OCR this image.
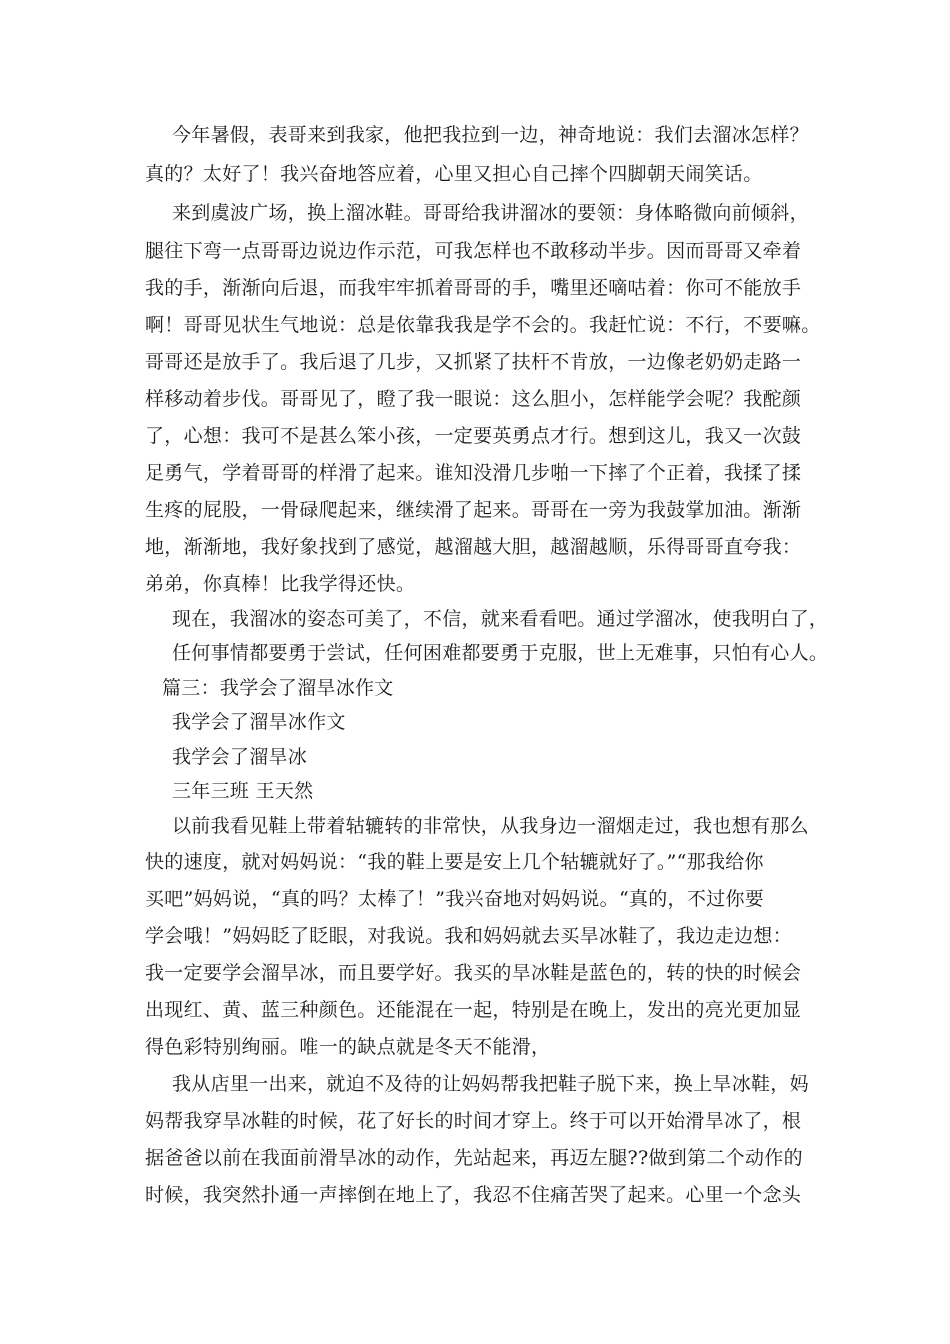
今年暑假，表哥来到我家，他把我拉到一边，神奇地说：我们去溜冰怎样？
真的？太好了！我兴奋地答应着，心里又担心自己摔个四脚朝天闹笑话。
来到虞波广场，换上溜冰鞋。哥哥给我讲溜冰的要领：身体略微向前倾斜，
腿往下弯一点哥哥边说边作示范，可我怎样也不敢移动半步。因而哥哥又牵着
我的手，渐渐向后退，而我牢牢抓着哥哥的手，嘴里还嘀咕着：你可不能放手
啊！哥哥见状生气地说：总是依靠我我是学不会的。我赶忙说：不行，不要嘛。
哥哥还是放手了。我后退了几步，又抓紧了扶杆不肯放，一边像老奶奶走路一
样移动着步伐。哥哥见了，瞪了我一眼说：这么胆小，怎样能学会呢？我酡颜
了，心想：我可不是甚么笨小孩，一定要英勇点才行。想到这儿，我又一次鼓
足勇气，学着哥哥的样滑了起来。谁知没滑几步啪一下摔了个正着，我揉了揉
生疼的屁股，一骨碌爬起来，继续滑了起来。哥哥在一旁为我鼓掌加油。渐渐
地，渐渐地，我好象找到了感觉，越溜越大胆，越溜越顺，乐得哥哥直夸我：
弟弟，你真棒！比我学得还快。
现在，我溜冰的姿态可美了，不信，就来看看吧。通过学溜冰，使我明白了，
任何事情都要勇于尝试，任何困难都要勇于克服，世上无难事，只怕有心人。
篇三：我学会了溜旱冰作文
我学会了溜旱冰作文
我学会了溜旱冰
三年三班 王天然
以前我看见鞋上带着轱辘转的非常快，从我身边一溜烟走过，我也想有那么
快的速度，就对妈妈说：“我的鞋上要是安上几个轱辘就好了。”“那我给你
买吧”妈妈说，“真的吗？太棒了！”我兴奋地对妈妈说。“真的，不过你要
学会哦！”妈妈眨了眨眼，对我说。我和妈妈就去买旱冰鞋了，我边走边想：
我一定要学会溜旱冰，而且要学好。我买的旱冰鞋是蓝色的，转的快的时候会
出现红、黄、蓝三种颜色。还能混在一起，特别是在晚上，发出的亮光更加显
得色彩特别绚丽。唯一的缺点就是冬天不能滑，
我从店里一出来，就迫不及待的让妈妈帮我把鞋子脱下来，换上旱冰鞋，妈
妈帮我穿旱冰鞋的时候，花了好长的时间才穿上。终于可以开始滑旱冰了，根
据爸爸以前在我面前滑旱冰的动作，先站起来，再迈左腿??做到第二个动作的
时候，我突然扑通一声摔倒在地上了，我忍不住痛苦哭了起来。心里一个念头
